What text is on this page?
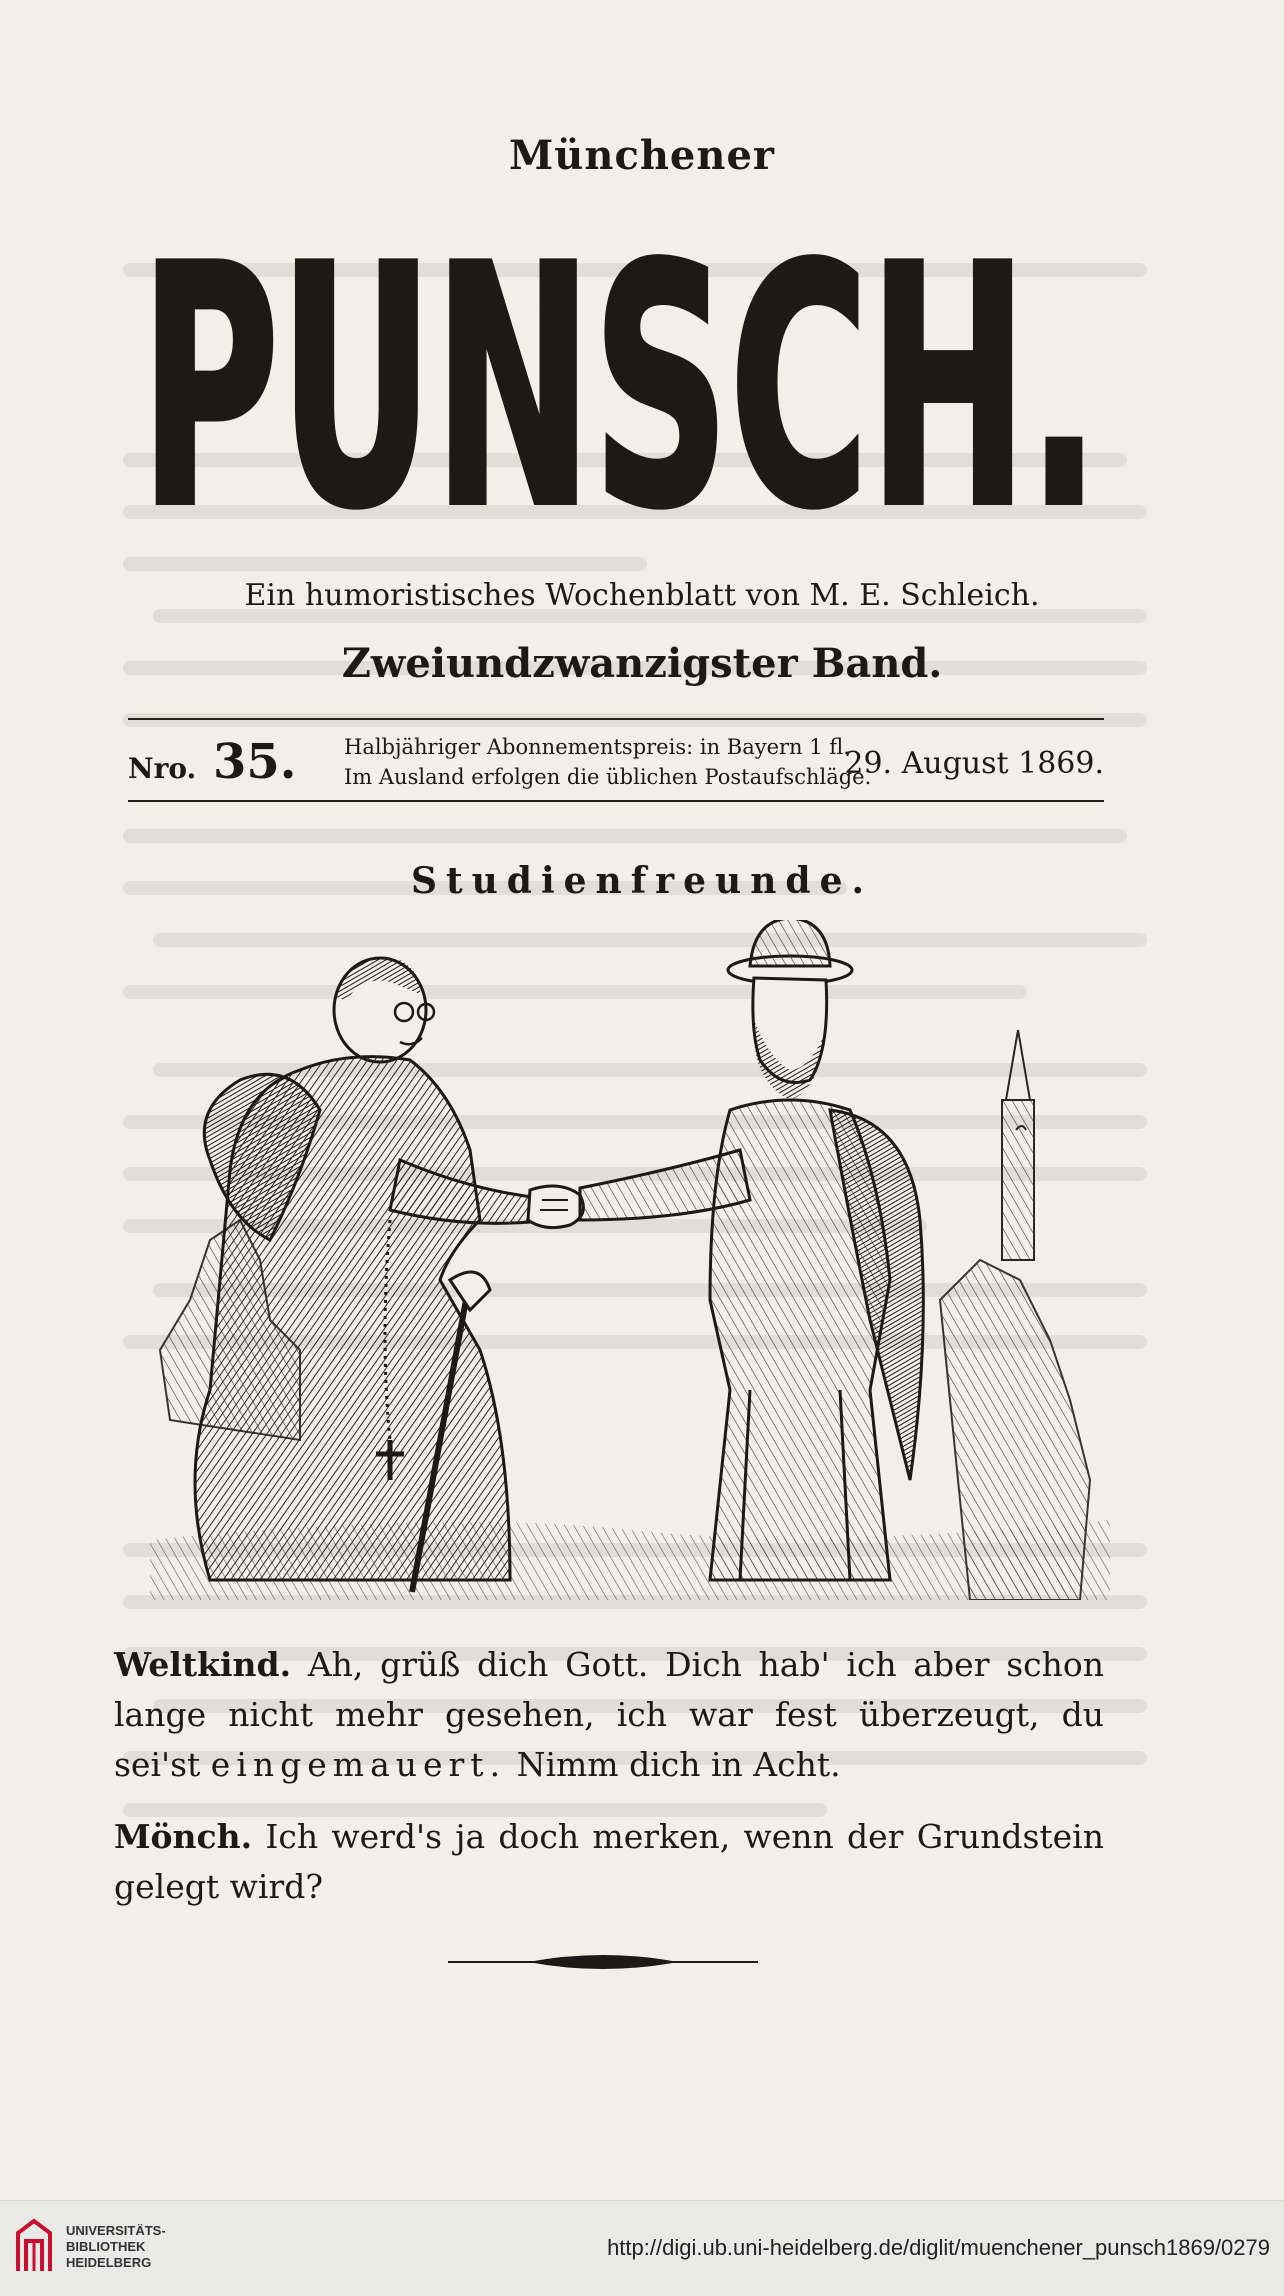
Münchener
PUNSCH.
Ein humoristisches Wochenblatt von M. E. Schleich.
Zweiundzwanzigster Band.
Nro. 35. Halbjähriger Abonnementspreis: in Bayern 1 fl.
Im Ausland erfolgen die üblichen Postaufschläge.
29. August 1869.
Studienfreunde.
Weltkind. Ah, grüß dich Gott. Dich hab' ich aber schon lange nicht mehr gesehen, ich war fest überzeugt, du sei'st eingemauert. Nimm dich in Acht.
Mönch. Ich werd's ja doch merken, wenn der Grundstein gelegt wird?
UNIVERSITÄTS-
BIBLIOTHEK
HEIDELBERG
http://digi.ub.uni-heidelberg.de/diglit/muenchener_punsch1869/0279
